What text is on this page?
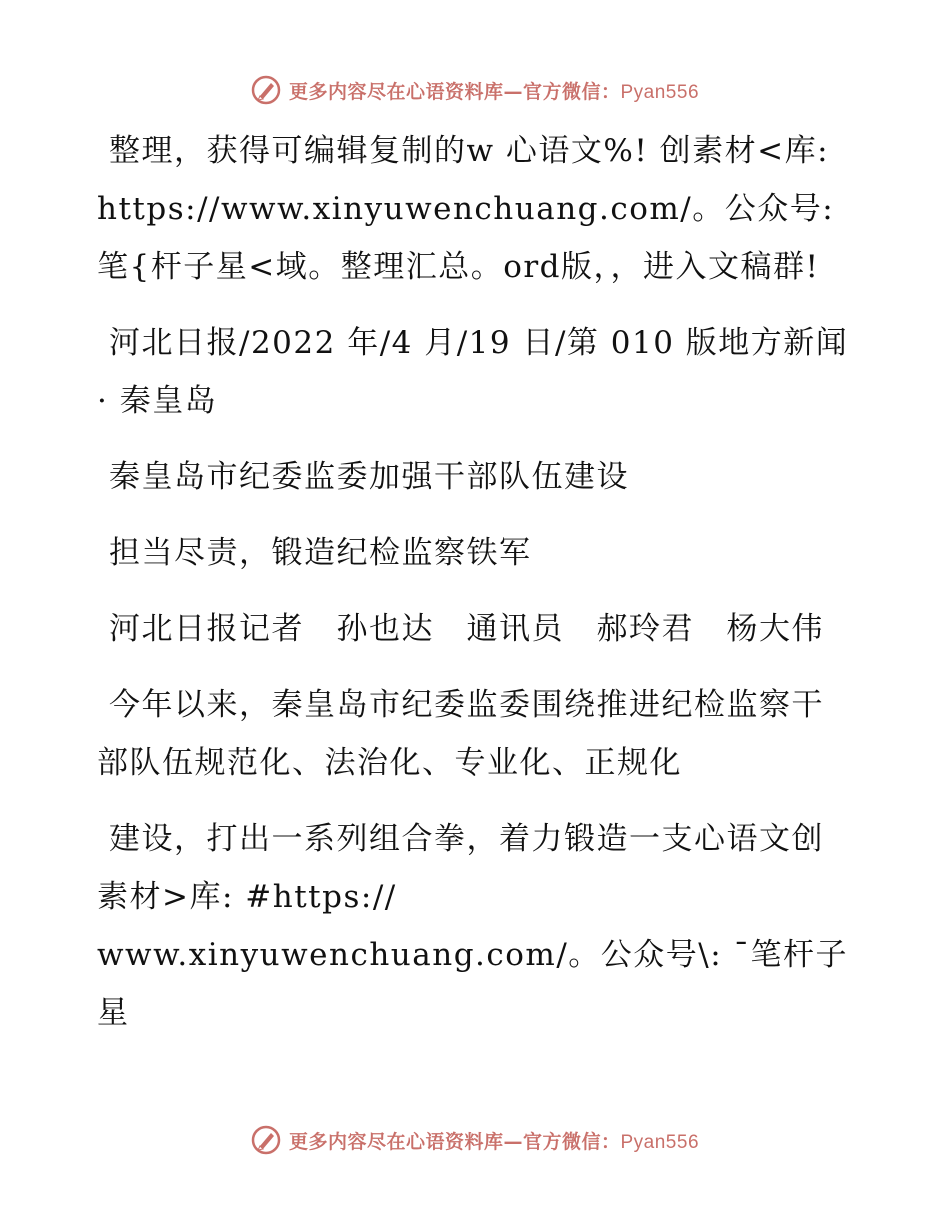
更多内容尽在心语资料库—官方微信：Pyan556

整理，获得可编辑复制的w 心语文%! 创素材<库: https://www.xinyuwenchuang.com/。公众号: 笔{杆子星<域。整理汇总。ord版，，进入文稿群!

河北日报/2022 年/4 月/19 日/第 010 版地方新闻· 秦皇岛

秦皇岛市纪委监委加强干部队伍建设

担当尽责，锻造纪检监察铁军

河北日报记者　孙也达　通讯员　郝玲君　杨大伟

今年以来，秦皇岛市纪委监委围绕推进纪检监察干部队伍规范化、法治化、专业化、正规化

建设，打出一系列组合拳，着力锻造一支心语文创素材>库: #https://

www.xinyuwenchuang.com/。公众号\: ¯笔杆子星

更多内容尽在心语资料库—官方微信：Pyan556
